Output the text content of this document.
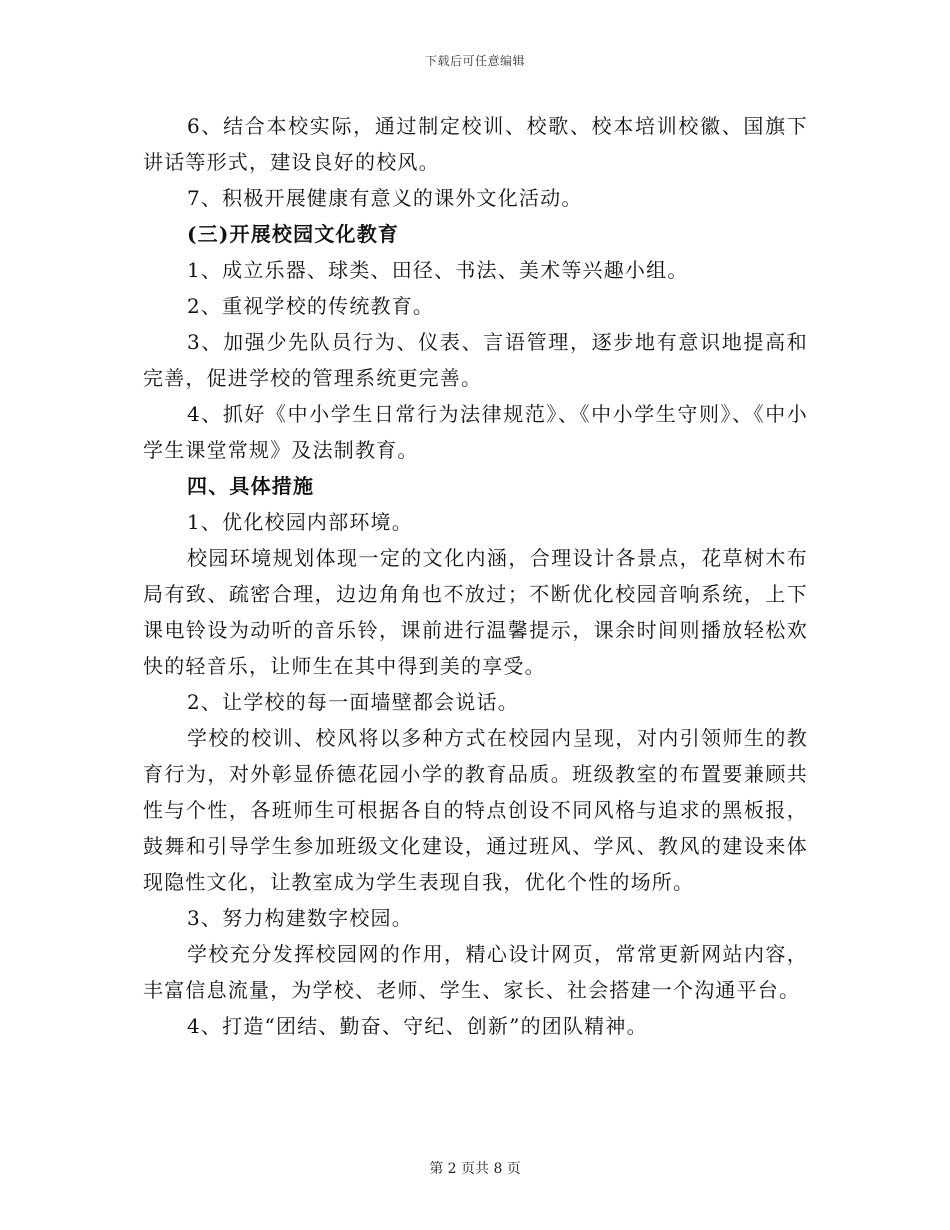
下载后可任意编辑

6、结合本校实际，通过制定校训、校歌、校本培训校徽、国旗下讲话等形式，建设良好的校风。

7、积极开展健康有意义的课外文化活动。

(三)开展校园文化教育

1、成立乐器、球类、田径、书法、美术等兴趣小组。

2、重视学校的传统教育。

3、加强少先队员行为、仪表、言语管理，逐步地有意识地提高和完善，促进学校的管理系统更完善。

4、抓好《中小学生日常行为法律规范》、《中小学生守则》、《中小学生课堂常规》及法制教育。

四、具体措施

1、优化校园内部环境。

校园环境规划体现一定的文化内涵，合理设计各景点，花草树木布局有致、疏密合理，边边角角也不放过；不断优化校园音响系统，上下课电铃设为动听的音乐铃，课前进行温馨提示，课余时间则播放轻松欢快的轻音乐，让师生在其中得到美的享受。

2、让学校的每一面墙壁都会说话。

学校的校训、校风将以多种方式在校园内呈现，对内引领师生的教育行为，对外彰显侨德花园小学的教育品质。班级教室的布置要兼顾共性与个性，各班师生可根据各自的特点创设不同风格与追求的黑板报，鼓舞和引导学生参加班级文化建设，通过班风、学风、教风的建设来体现隐性文化，让教室成为学生表现自我，优化个性的场所。

3、努力构建数字校园。

学校充分发挥校园网的作用，精心设计网页，常常更新网站内容，丰富信息流量，为学校、老师、学生、家长、社会搭建一个沟通平台。

4、打造“团结、勤奋、守纪、创新”的团队精神。

第 2 页共 8 页
